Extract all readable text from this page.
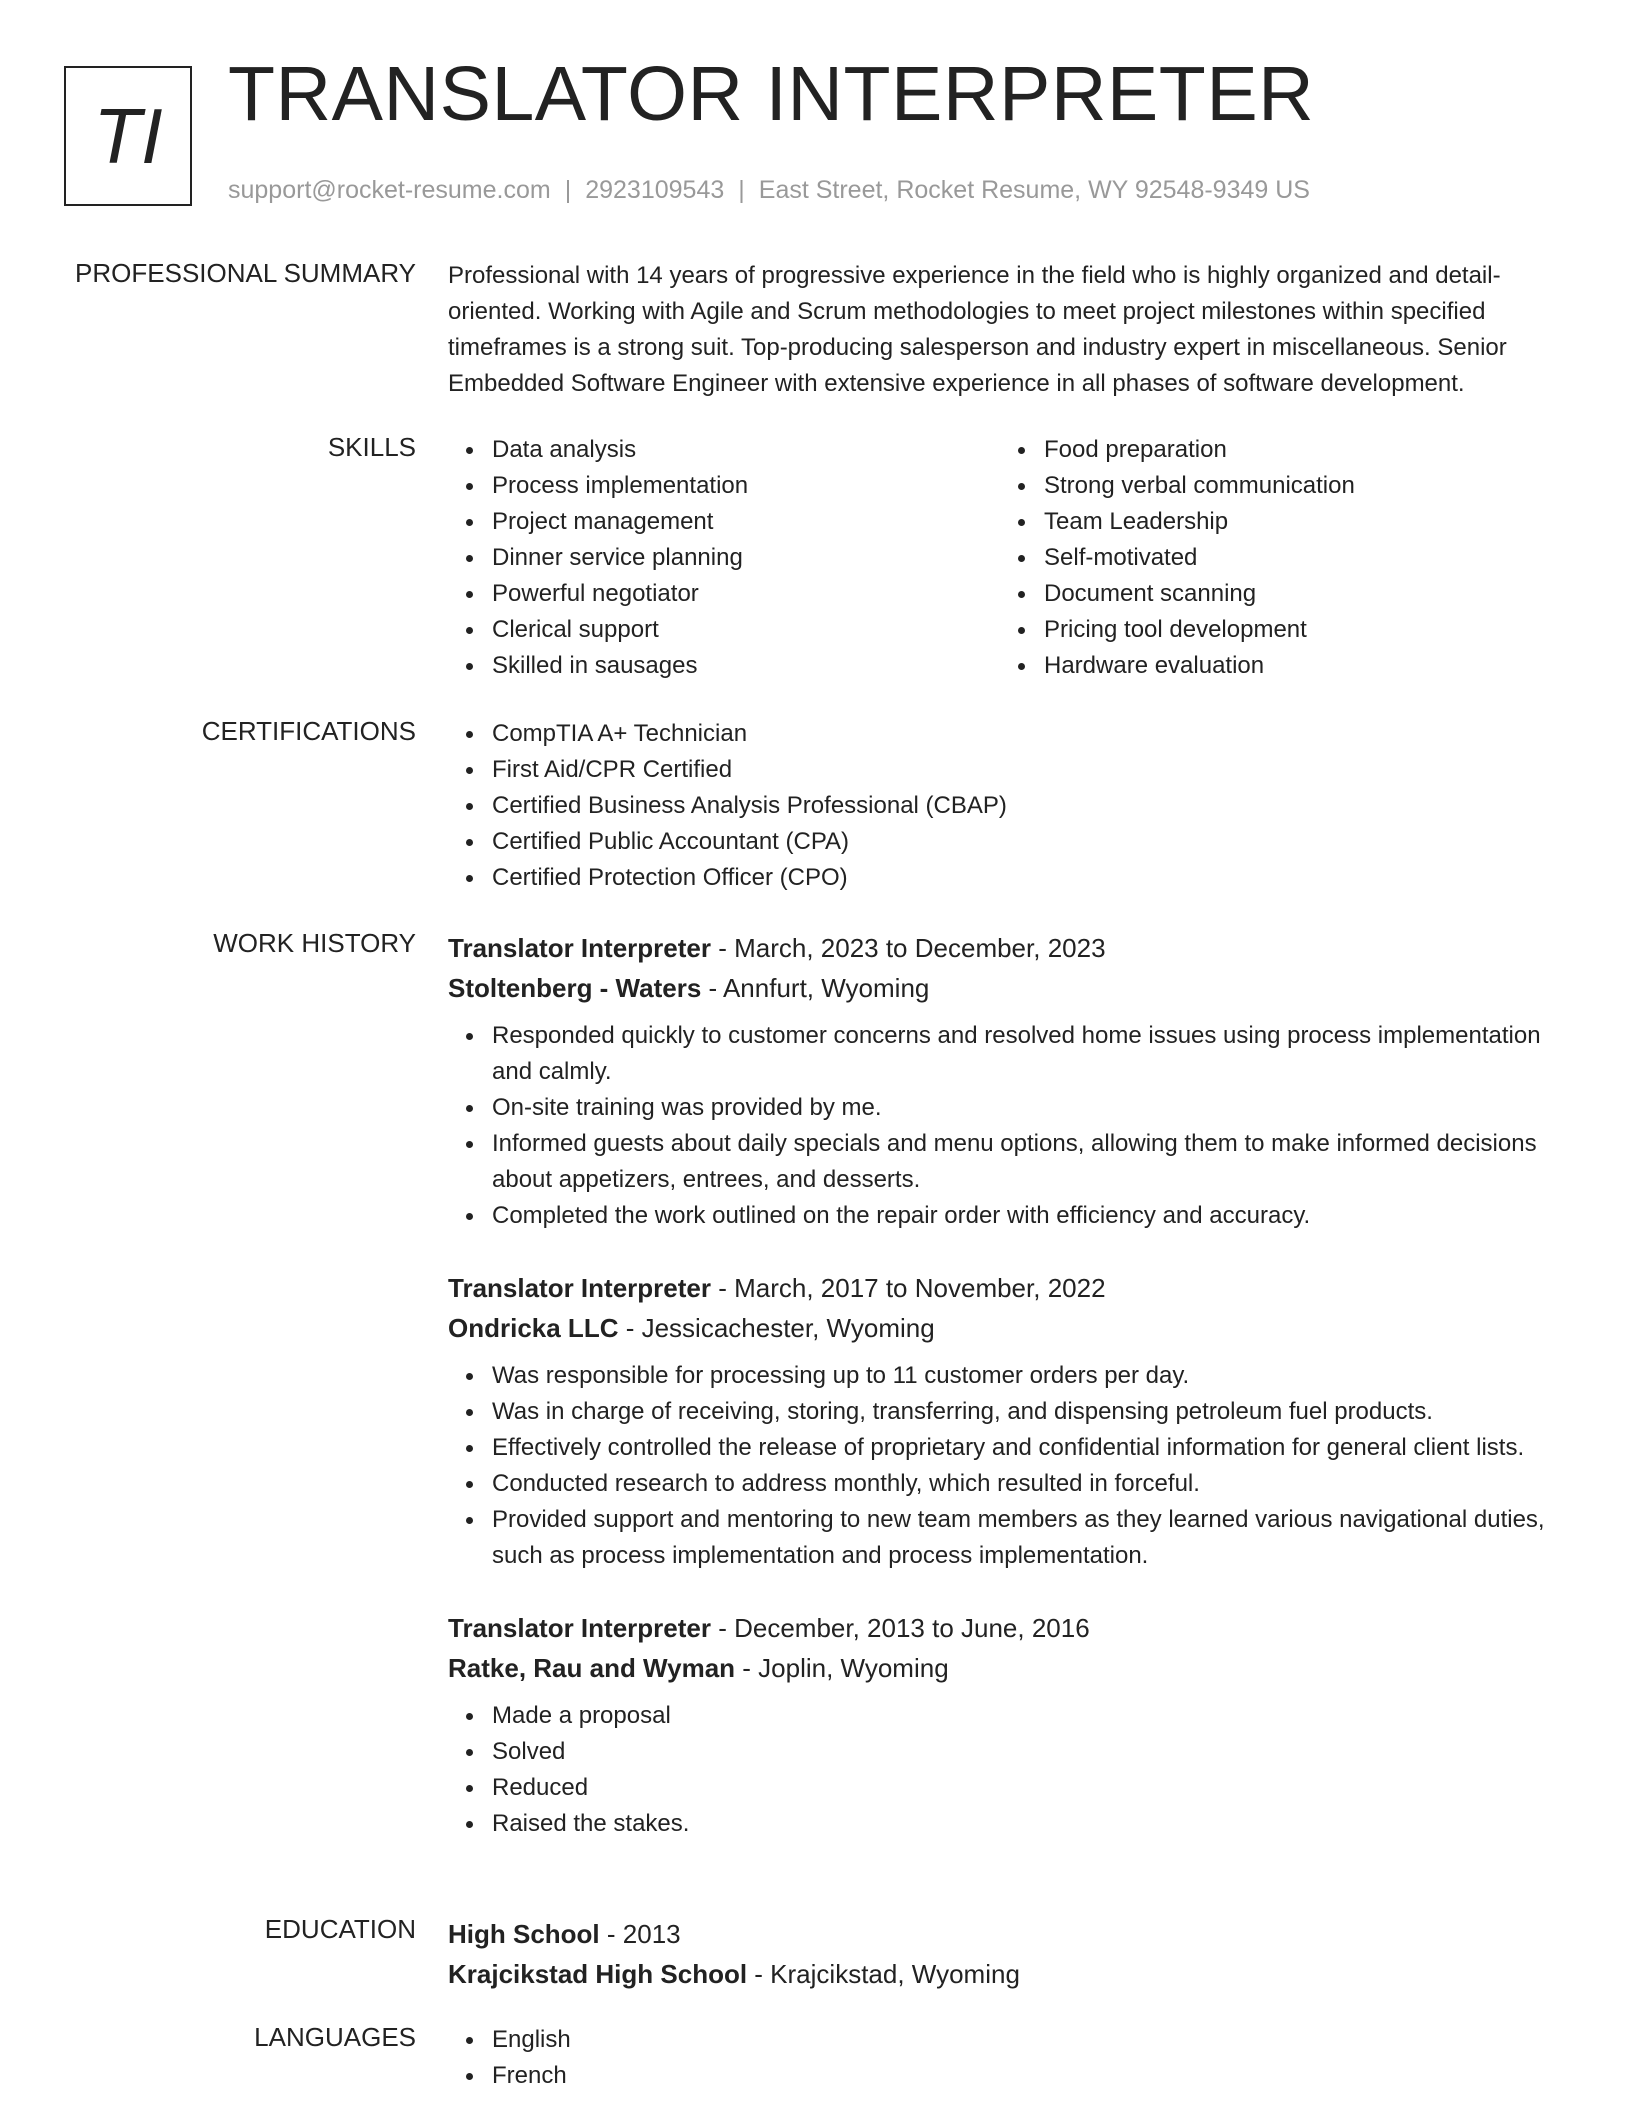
TI TRANSLATOR INTERPRETER
support@rocket-resume.com | 2923109543 | East Street, Rocket Resume, WY 92548-9349 US
PROFESSIONAL SUMMARY Professional with 14 years of progressive experience in the field who is highly organized and detail-oriented. Working with Agile and Scrum methodologies to meet project milestones within specified timeframes is a strong suit. Top-producing salesperson and industry expert in miscellaneous. Senior Embedded Software Engineer with extensive experience in all phases of software development.

SKILLS	Data analysis
Process implementation
Project management
Dinner service planning
Powerful negotiator
Clerical support
Skilled in sausages
Food preparation
Strong verbal communication
Team Leadership
Self-motivated
Document scanning
Pricing tool development
Hardware evaluation
CERTIFICATIONS	CompTIA A+ Technician
First Aid/CPR Certified
Certified Business Analysis Professional (CBAP)
Certified Public Accountant (CPA)
Certified Protection Officer (CPO)
WORK HISTORY Translator Interpreter - March, 2023 to December, 2023
Stoltenberg - Waters - Annfurt, Wyoming
Responded quickly to customer concerns and resolved home issues using process implementation and calmly.
On-site training was provided by me.
Informed guests about daily specials and menu options, allowing them to make informed decisions about appetizers, entrees, and desserts.
Completed the work outlined on the repair order with efficiency and accuracy.
Translator Interpreter - March, 2017 to November, 2022
Ondricka LLC - Jessicachester, Wyoming
Was responsible for processing up to 11 customer orders per day.
Was in charge of receiving, storing, transferring, and dispensing petroleum fuel products.
Effectively controlled the release of proprietary and confidential information for general client lists.
Conducted research to address monthly, which resulted in forceful.
Provided support and mentoring to new team members as they learned various navigational duties, such as process implementation and process implementation.
Translator Interpreter - December, 2013 to June, 2016
Ratke, Rau and Wyman - Joplin, Wyoming
Made a proposal
Solved
Reduced
Raised the stakes.
EDUCATION High School - 2013
Krajcikstad High School - Krajcikstad, Wyoming
LANGUAGES	English
French
